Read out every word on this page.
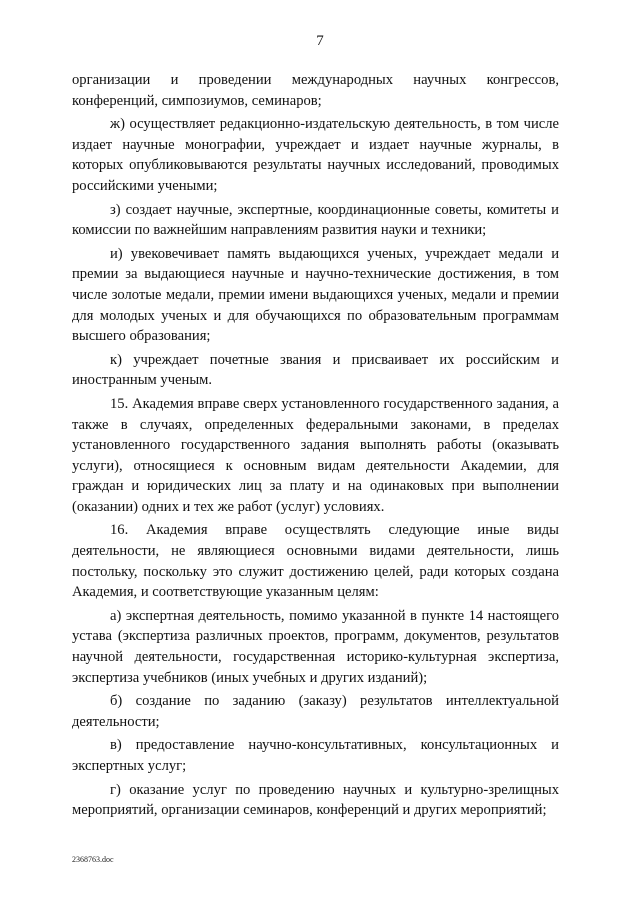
7

организации и проведении международных научных конгрессов, конференций, симпозиумов, семинаров;

ж) осуществляет редакционно-издательскую деятельность, в том числе издает научные монографии, учреждает и издает научные журналы, в которых опубликовываются результаты научных исследований, проводимых российскими учеными;

з) создает научные, экспертные, координационные советы, комитеты и комиссии по важнейшим направлениям развития науки и техники;

и) увековечивает память выдающихся ученых, учреждает медали и премии за выдающиеся научные и научно-технические достижения, в том числе золотые медали, премии имени выдающихся ученых, медали и премии для молодых ученых и для обучающихся по образовательным программам высшего образования;

к) учреждает почетные звания и присваивает их российским и иностранным ученым.

15. Академия вправе сверх установленного государственного задания, а также в случаях, определенных федеральными законами, в пределах установленного государственного задания выполнять работы (оказывать услуги), относящиеся к основным видам деятельности Академии, для граждан и юридических лиц за плату и на одинаковых при выполнении (оказании) одних и тех же работ (услуг) условиях.

16. Академия вправе осуществлять следующие иные виды деятельности, не являющиеся основными видами деятельности, лишь постольку, поскольку это служит достижению целей, ради которых создана Академия, и соответствующие указанным целям:

а) экспертная деятельность, помимо указанной в пункте 14 настоящего устава (экспертиза различных проектов, программ, документов, результатов научной деятельности, государственная историко-культурная экспертиза, экспертиза учебников (иных учебных и других изданий);

б) создание по заданию (заказу) результатов интеллектуальной деятельности;

в) предоставление научно-консультативных, консультационных и экспертных услуг;

г) оказание услуг по проведению научных и культурно-зрелищных мероприятий, организации семинаров, конференций и других мероприятий;

2368763.doc
